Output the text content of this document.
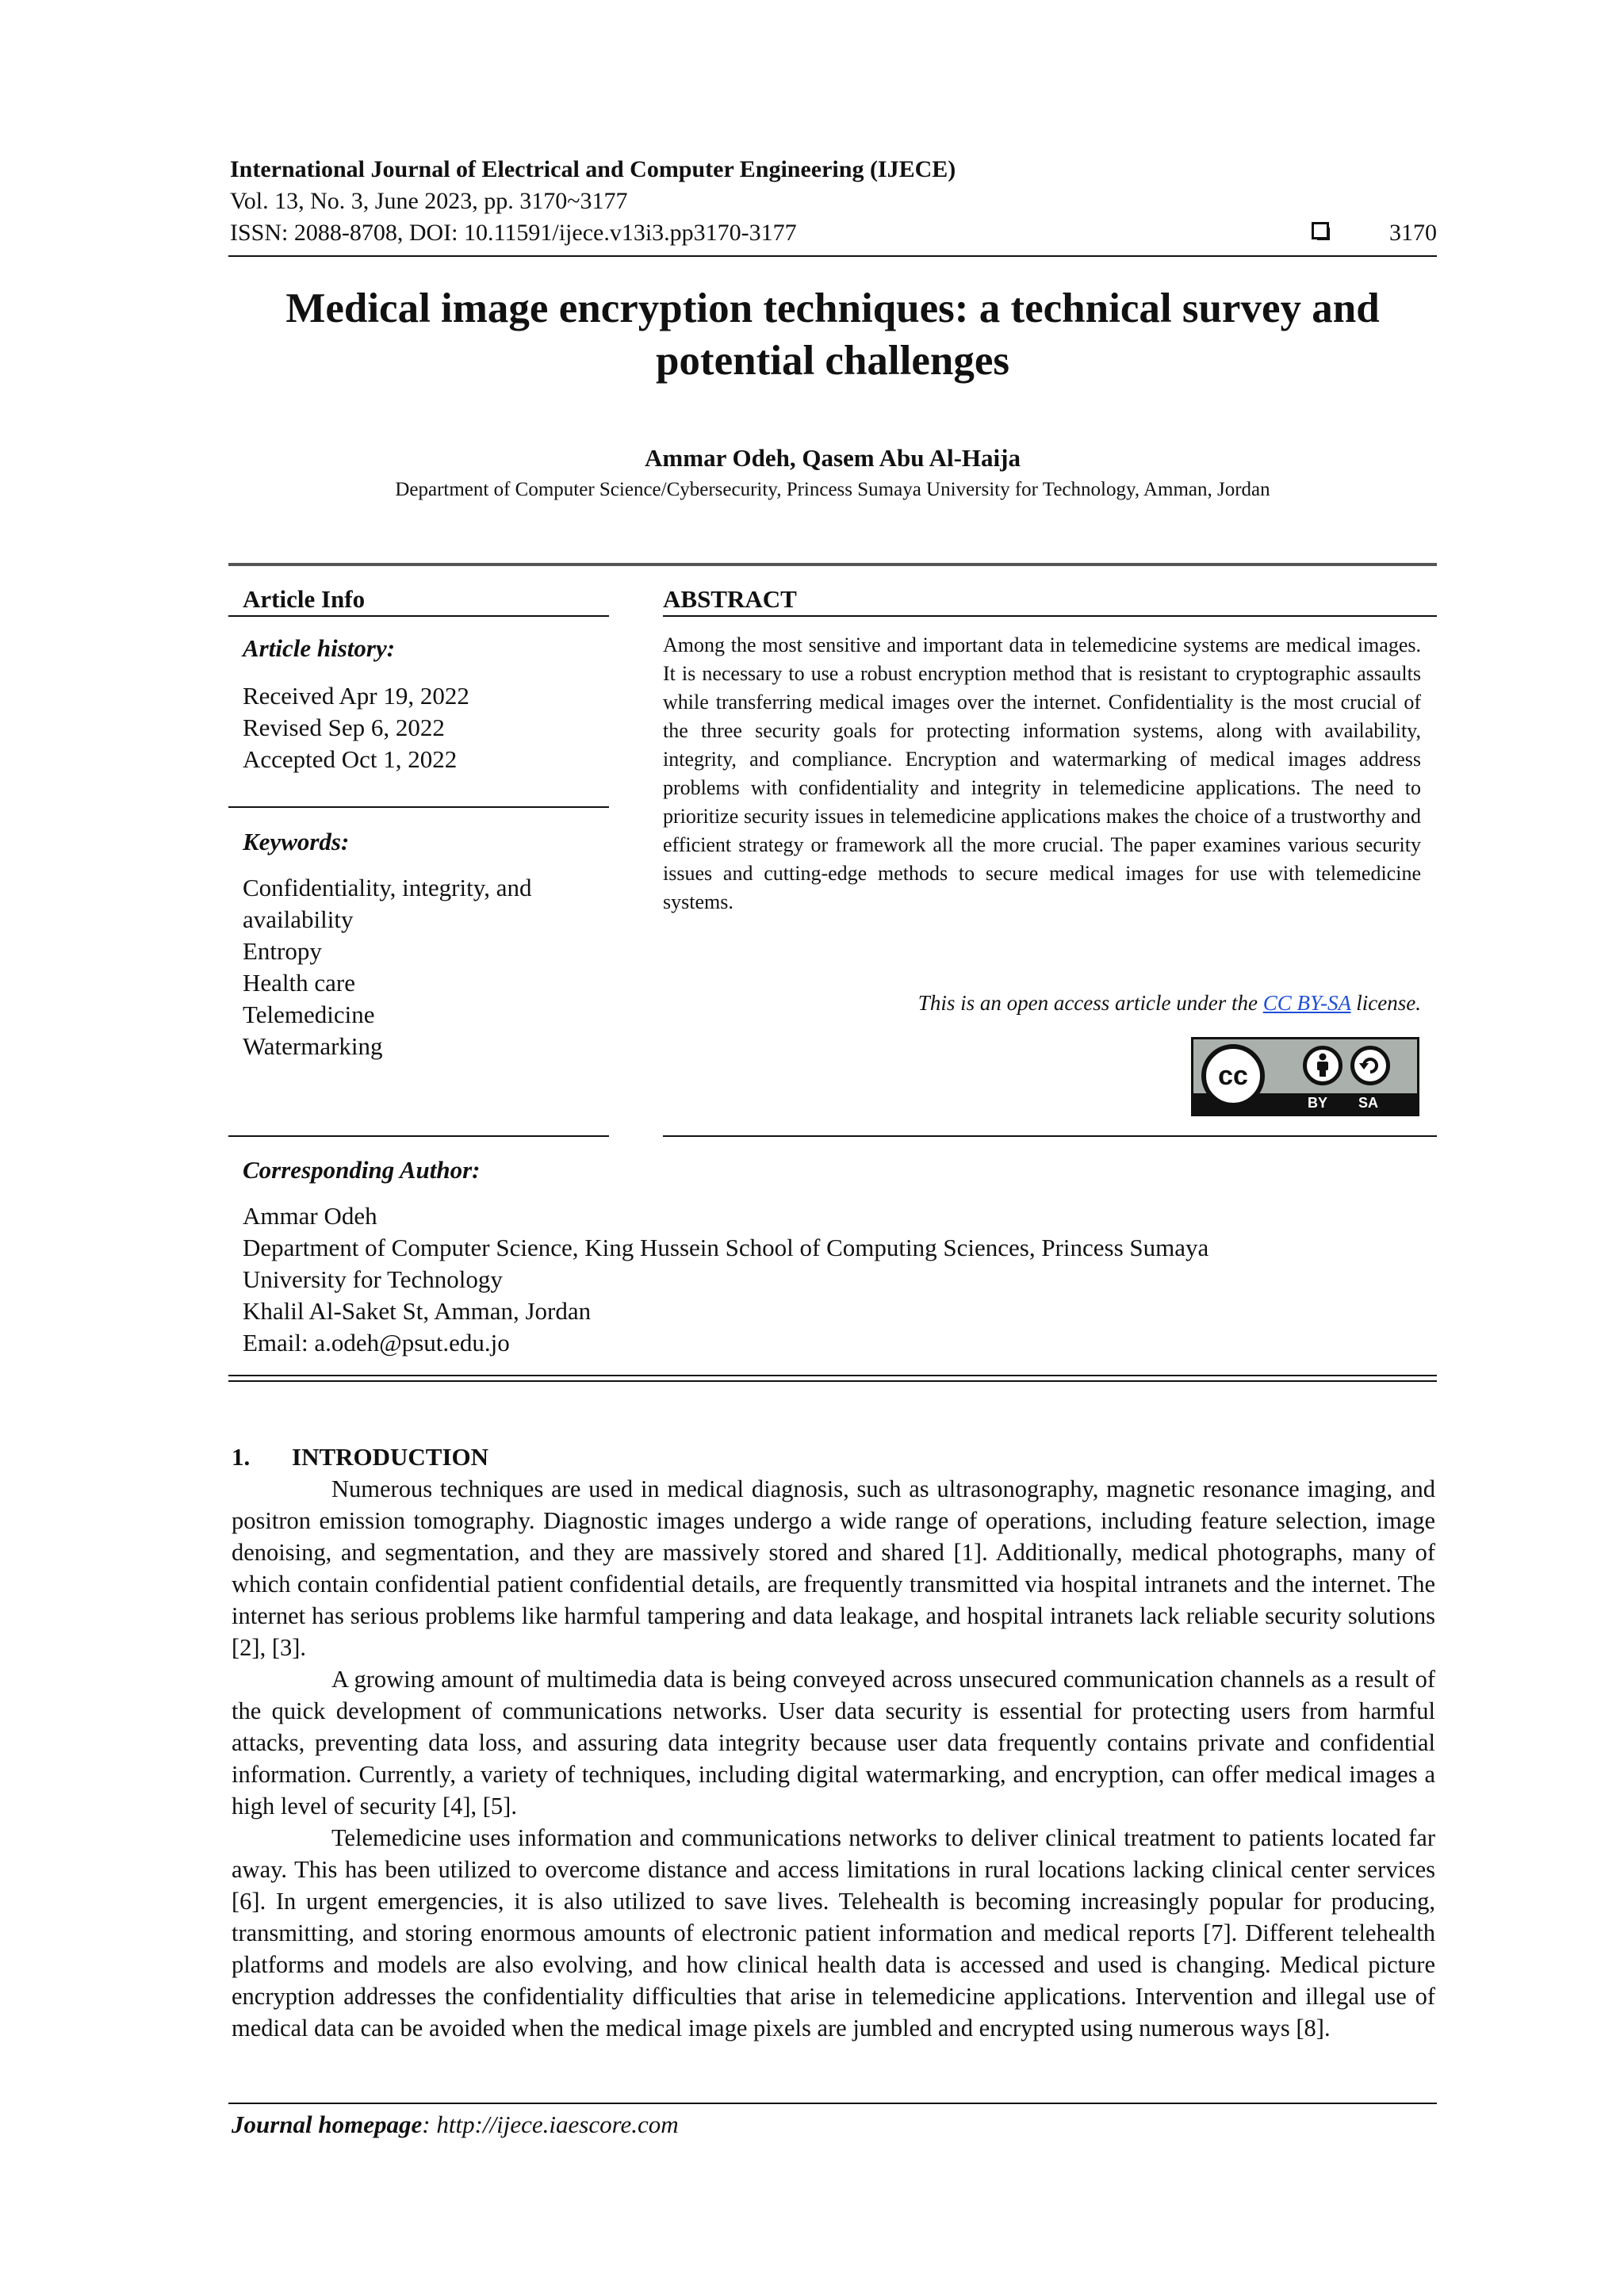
International Journal of Electrical and Computer Engineering (IJECE)
Vol. 13, No. 3, June 2023, pp. 3170~3177
ISSN: 2088-8708, DOI: 10.11591/ijece.v13i3.pp3170-3177	3170
Medical image encryption techniques: a technical survey and
potential challenges
Ammar Odeh, Qasem Abu Al-Haija
Department of Computer Science/Cybersecurity, Princess Sumaya University for Technology, Amman, Jordan
Article Info
Article history:
Received Apr 19, 2022
Revised Sep 6, 2022
Accepted Oct 1, 2022
Keywords:
Confidentiality, integrity, and
availability
Entropy
Health care
Telemedicine
Watermarking
ABSTRACT
Among the most sensitive and important data in telemedicine systems are medical images. It is necessary to use a robust encryption method that is resistant to cryptographic assaults while transferring medical images over the internet. Confidentiality is the most crucial of the three security goals for protecting information systems, along with availability, integrity, and compliance. Encryption and watermarking of medical images address problems with confidentiality and integrity in telemedicine applications. The need to prioritize security issues in telemedicine applications makes the choice of a trustworthy and efficient strategy or framework all the more crucial. The paper examines various security issues and cutting-edge methods to secure medical images for use with telemedicine systems.
This is an open access article under the CC BY-SA license.
cc
BY SA
Corresponding Author:
Ammar Odeh
Department of Computer Science, King Hussein School of Computing Sciences, Princess Sumaya
University for Technology
Khalil Al-Saket St, Amman, Jordan
Email: a.odeh@psut.edu.jo
1. INTRODUCTION

Numerous techniques are used in medical diagnosis, such as ultrasonography, magnetic resonance imaging, and positron emission tomography. Diagnostic images undergo a wide range of operations, including feature selection, image denoising, and segmentation, and they are massively stored and shared [1]. Additionally, medical photographs, many of which contain confidential patient confidential details, are frequently transmitted via hospital intranets and the internet. The internet has serious problems like harmful tampering and data leakage, and hospital intranets lack reliable security solutions [2], [3].

A growing amount of multimedia data is being conveyed across unsecured communication channels as a result of the quick development of communications networks. User data security is essential for protecting users from harmful attacks, preventing data loss, and assuring data integrity because user data frequently contains private and confidential information. Currently, a variety of techniques, including digital watermarking, and encryption, can offer medical images a high level of security [4], [5].

Telemedicine uses information and communications networks to deliver clinical treatment to patients located far away. This has been utilized to overcome distance and access limitations in rural locations lacking clinical center services [6]. In urgent emergencies, it is also utilized to save lives. Telehealth is becoming increasingly popular for producing, transmitting, and storing enormous amounts of electronic patient information and medical reports [7]. Different telehealth platforms and models are also evolving, and how clinical health data is accessed and used is changing. Medical picture encryption addresses the confidentiality difficulties that arise in telemedicine applications. Intervention and illegal use of medical data can be avoided when the medical image pixels are jumbled and encrypted using numerous ways [8].

Journal homepage: http://ijece.iaescore.com
